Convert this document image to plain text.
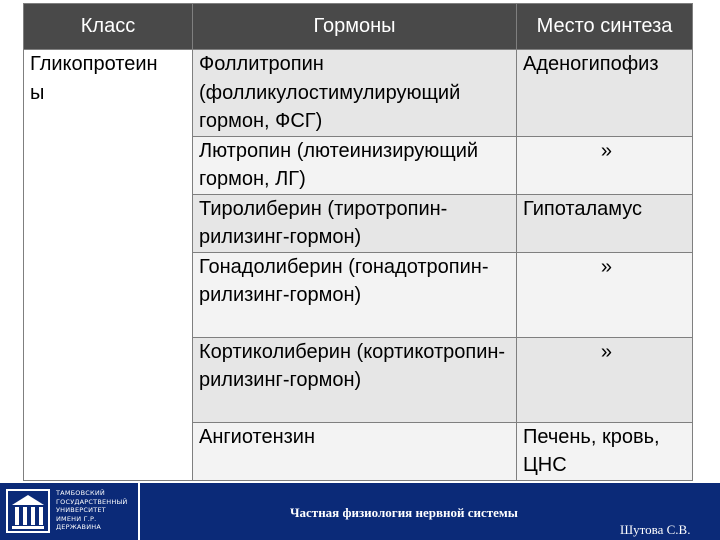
Класс	Гормоны	Место синтеза
Гликопротеин ы	Фоллитропин (фолликулостимулирующий гормон, ФСГ)	Аденогипофиз
	Лютропин (лютеинизирующий гормон, ЛГ)	»
	Тиролиберин (тиротропин-рилизинг-гормон)	Гипоталамус
	Гонадолиберин (гонадотропин-рилизинг-гормон)	»
	Кортиколиберин (кортикотропин-рилизинг-гормон)	»
	Ангиотензин	Печень, кровь, ЦНС
ТАМБОВСКИЙ
ГОСУДАРСТВЕННЫЙ
УНИВЕРСИТЕТ
ИМЕНИ Г.Р. ДЕРЖАВИНА
Частная физиология нервной системы
Шутова С.В.
